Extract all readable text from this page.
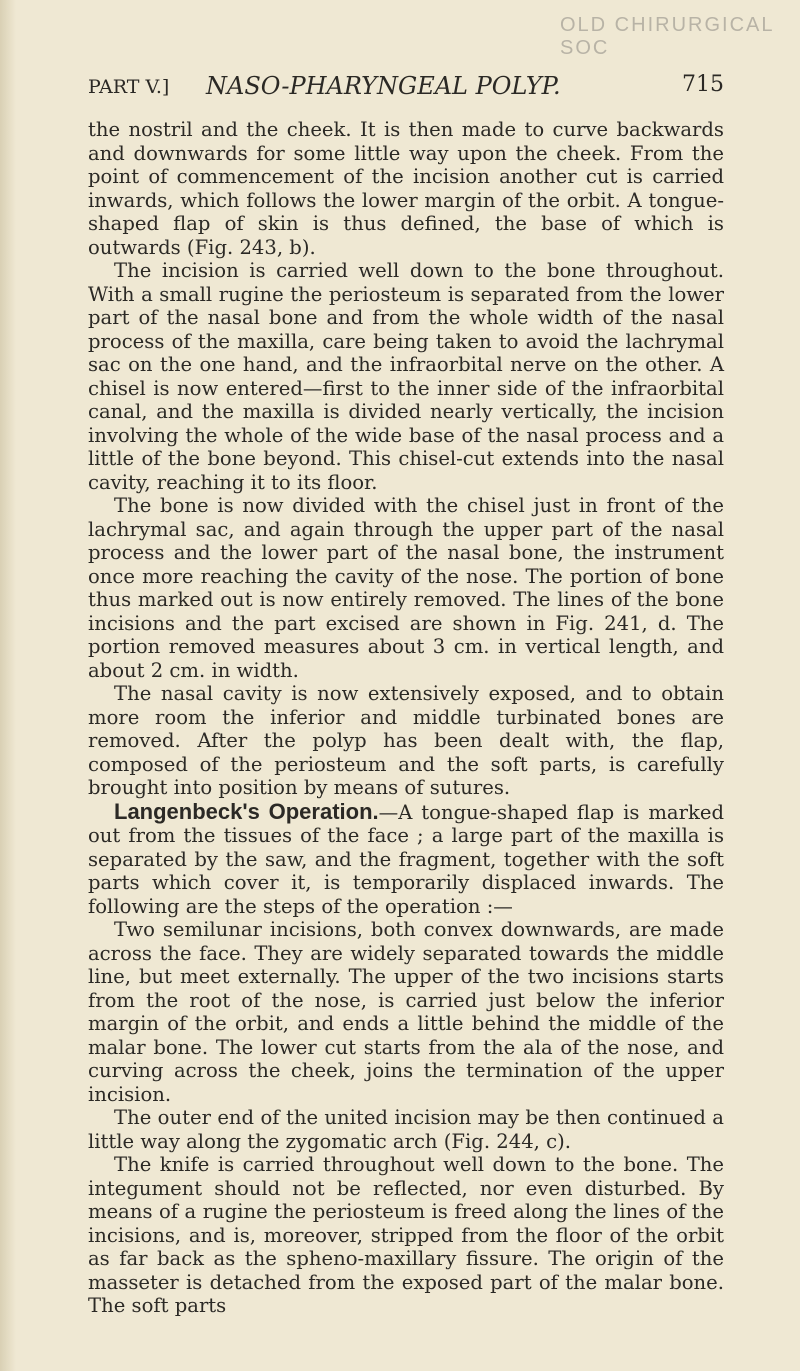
OLD CHIRURGICAL SOC
PART V.] NASO-PHARYNGEAL POLYP.	715

the nostril and the cheek. It is then made to curve backwards and downwards for some little way upon the cheek. From the point of commencement of the incision another cut is carried inwards, which follows the lower margin of the orbit. A tongue-shaped flap of skin is thus defined, the base of which is outwards (Fig. 243, b).

The incision is carried well down to the bone throughout. With a small rugine the periosteum is separated from the lower part of the nasal bone and from the whole width of the nasal process of the maxilla, care being taken to avoid the lachrymal sac on the one hand, and the infraorbital nerve on the other. A chisel is now entered—first to the inner side of the infraorbital canal, and the maxilla is divided nearly vertically, the incision involving the whole of the wide base of the nasal process and a little of the bone beyond. This chisel-cut extends into the nasal cavity, reaching it to its floor.

The bone is now divided with the chisel just in front of the lachrymal sac, and again through the upper part of the nasal process and the lower part of the nasal bone, the instrument once more reaching the cavity of the nose. The portion of bone thus marked out is now entirely removed. The lines of the bone incisions and the part excised are shown in Fig. 241, d. The portion removed measures about 3 cm. in vertical length, and about 2 cm. in width.

The nasal cavity is now extensively exposed, and to obtain more room the inferior and middle turbinated bones are removed. After the polyp has been dealt with, the flap, composed of the periosteum and the soft parts, is carefully brought into position by means of sutures.

Langenbeck's Operation.—A tongue-shaped flap is marked out from the tissues of the face ; a large part of the maxilla is separated by the saw, and the fragment, together with the soft parts which cover it, is temporarily displaced inwards. The following are the steps of the operation :—

Two semilunar incisions, both convex downwards, are made across the face. They are widely separated towards the middle line, but meet externally. The upper of the two incisions starts from the root of the nose, is carried just below the inferior margin of the orbit, and ends a little behind the middle of the malar bone. The lower cut starts from the ala of the nose, and curving across the cheek, joins the termination of the upper incision.

The outer end of the united incision may be then continued a little way along the zygomatic arch (Fig. 244, c).

The knife is carried throughout well down to the bone. The integument should not be reflected, nor even disturbed. By means of a rugine the periosteum is freed along the lines of the incisions, and is, moreover, stripped from the floor of the orbit as far back as the spheno-maxillary fissure. The origin of the masseter is detached from the exposed part of the malar bone. The soft parts
